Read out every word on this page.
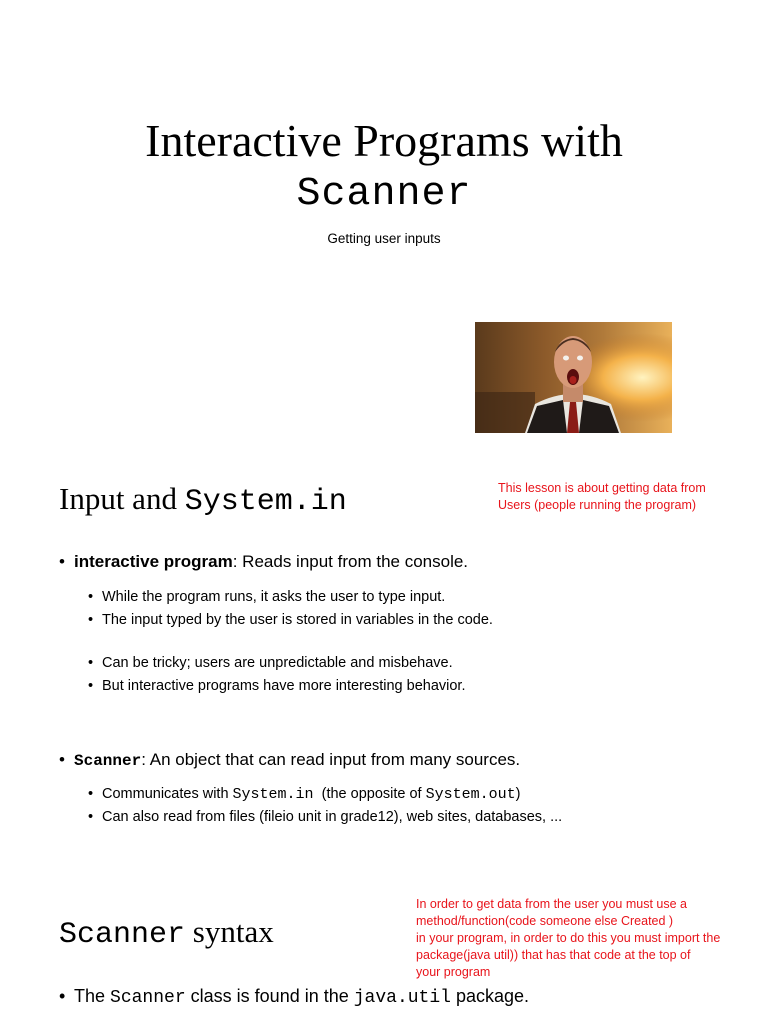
Interactive Programs with
Scanner
Getting user inputs
Input and System.in	This lesson is about getting data from
Users (people running the program)
• interactive program: Reads input from the console.
• While the program runs, it asks the user to type input.
• The input typed by the user is stored in variables in the code.
• Can be tricky; users are unpredictable and misbehave.
• But interactive programs have more interesting behavior.
• Scanner: An object that can read input from many sources.
• Communicates with System.in  (the opposite of System.out)
• Can also read from files (fileio unit in grade12), web sites, databases, ...
Scanner syntax
In order to get data from the user you must use a
method/function(code someone else Created )
in your program, in order to do this you must import the
package(java util)) that has that code at the top of
your program
• The Scanner class is found in the java.util package.
